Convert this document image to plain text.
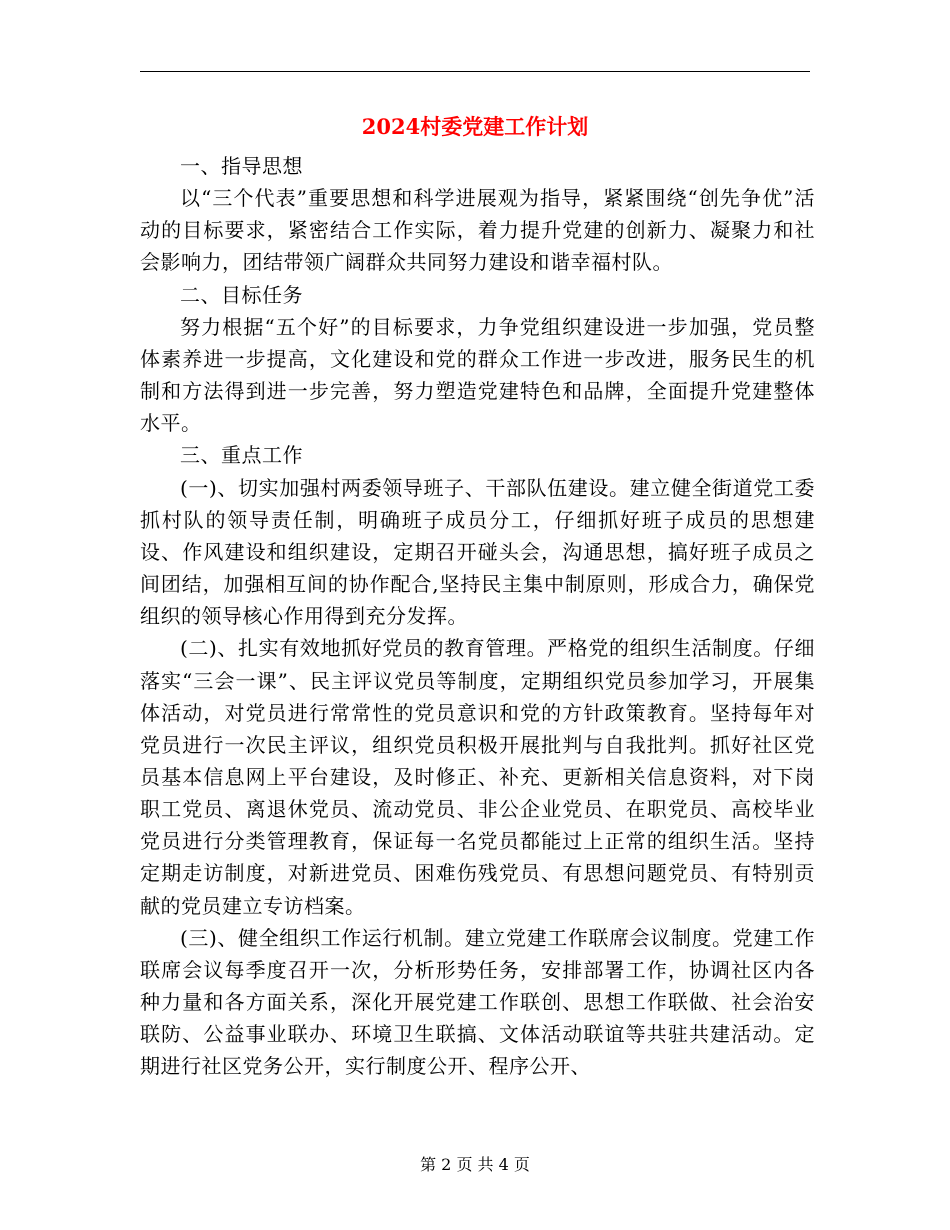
2024村委党建工作计划

一、指导思想

以“三个代表”重要思想和科学进展观为指导，紧紧围绕“创先争优”活动的目标要求，紧密结合工作实际，着力提升党建的创新力、凝聚力和社会影响力，团结带领广阔群众共同努力建设和谐幸福村队。

二、目标任务

努力根据“五个好”的目标要求，力争党组织建设进一步加强，党员整体素养进一步提高，文化建设和党的群众工作进一步改进，服务民生的机制和方法得到进一步完善，努力塑造党建特色和品牌，全面提升党建整体水平。

三、重点工作

(一)、切实加强村两委领导班子、干部队伍建设。建立健全街道党工委抓村队的领导责任制，明确班子成员分工，仔细抓好班子成员的思想建设、作风建设和组织建设，定期召开碰头会，沟通思想，搞好班子成员之间团结，加强相互间的协作配合,坚持民主集中制原则，形成合力，确保党组织的领导核心作用得到充分发挥。

(二)、扎实有效地抓好党员的教育管理。严格党的组织生活制度。仔细落实“三会一课”、民主评议党员等制度，定期组织党员参加学习，开展集体活动，对党员进行常常性的党员意识和党的方针政策教育。坚持每年对党员进行一次民主评议，组织党员积极开展批判与自我批判。抓好社区党员基本信息网上平台建设，及时修正、补充、更新相关信息资料，对下岗职工党员、离退休党员、流动党员、非公企业党员、在职党员、高校毕业党员进行分类管理教育，保证每一名党员都能过上正常的组织生活。坚持定期走访制度，对新进党员、困难伤残党员、有思想问题党员、有特别贡献的党员建立专访档案。

(三)、健全组织工作运行机制。建立党建工作联席会议制度。党建工作联席会议每季度召开一次，分析形势任务，安排部署工作，协调社区内各种力量和各方面关系，深化开展党建工作联创、思想工作联做、社会治安联防、公益事业联办、环境卫生联搞、文体活动联谊等共驻共建活动。定期进行社区党务公开，实行制度公开、程序公开、

第 2 页 共 4 页
